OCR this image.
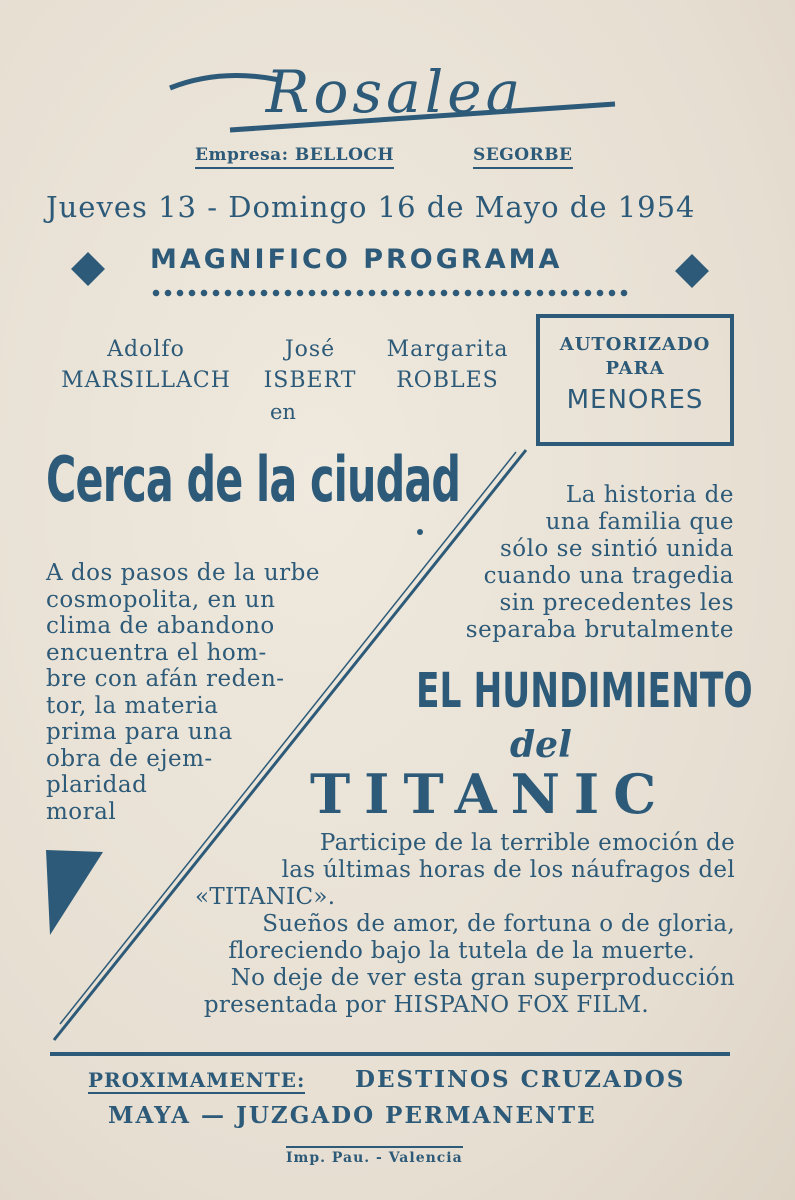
Rosalea
Empresa: BELLOCH	SEGORBE
Jueves 13 - Domingo 16 de Mayo de 1954
MAGNIFICO PROGRAMA
Adolfo
MARSILLACH
José
ISBERT
Margarita
ROBLES
en
AUTORIZADO
PARA
MENORES
Cerca de la ciudad
A dos pasos de la urbe
cosmopolita, en un
clima de abandono
encuentra el hom-
bre con afán reden-
tor, la materia
prima para una
obra de ejem-
plaridad
moral
La historia de
una familia que
sólo se sintió unida
cuando una tragedia
sin precedentes les
separaba brutalmente
EL HUNDIMIENTO
del
TITANIC
Participe de la terrible emoción de
las últimas horas de los náufragos del
«TITANIC».
Sueños de amor, de fortuna o de gloria,
floreciendo bajo la tutela de la muerte.
No deje de ver esta gran superproducción
presentada por HISPANO FOX FILM.
PROXIMAMENTE: DESTINOS CRUZADOS
MAYA — JUZGADO PERMANENTE
Imp. Pau. - Valencia
